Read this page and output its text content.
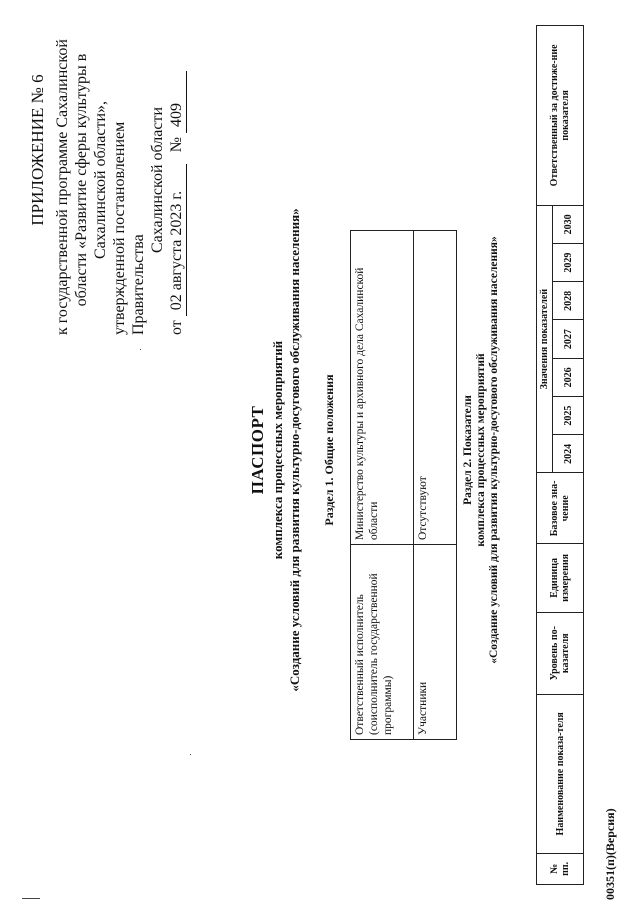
ПРИЛОЖЕНИЕ № 6 к государственной программе Сахалинской области «Развитие сферы культуры в Сахалинской области», утвержденной постановлением Правительства
Сахалинской области
от 02 августа 2023 г. № 409
ПАСПОРТ комплекса процессных мероприятий «Создание условий для развития культурно-досугового обслуживания населения» Раздел 1. Общие положения
Ответственный исполнитель (соисполнитель государственной программы)	Министерство культуры и архивного дела Сахалинской области
Участники	Отсутствуют
Раздел 2. Показатели комплекса процессных мероприятий «Создание условий для развития культурно-досугового обслуживания населения»
№ пп.	Наименование показа-теля	Уровень по-казателя	Единица измерения	Базовое зна-чение	Значения показателей							Ответственный за достиже-ние показателя
					2024	2025	2026	2027	2028	2029	2030	
00351(п)(Версия)
